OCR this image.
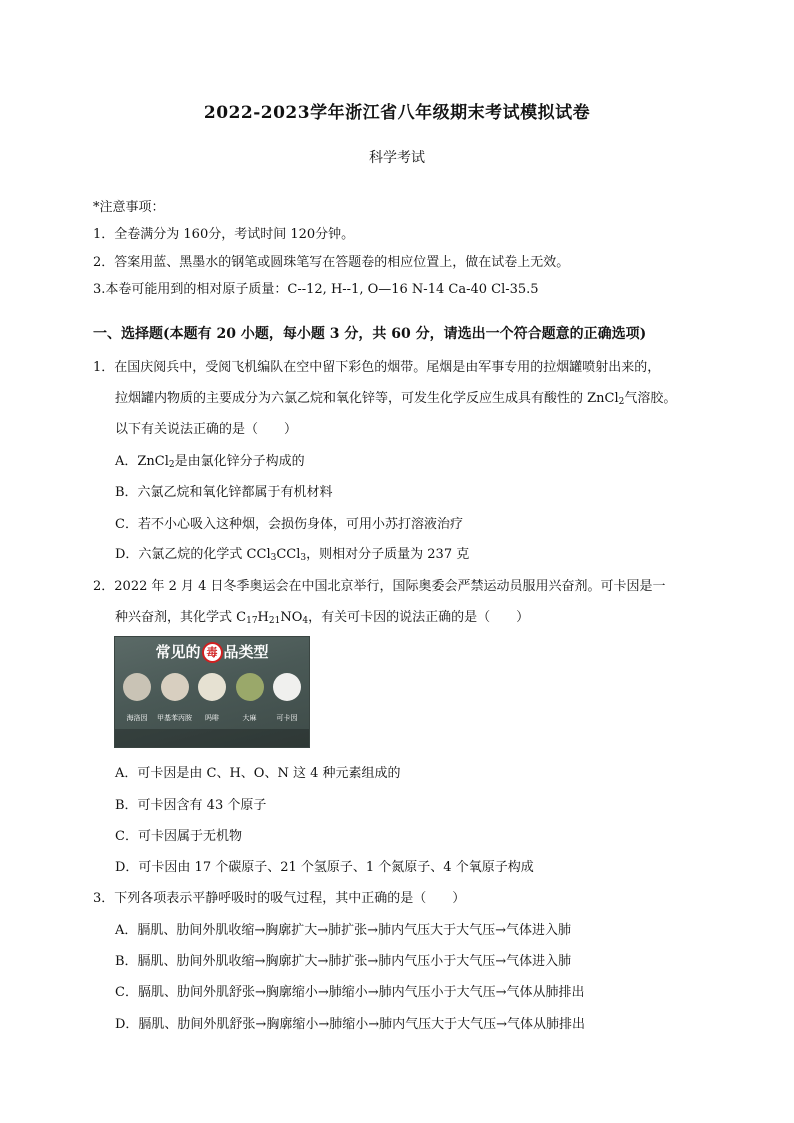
2022-2023学年浙江省八年级期末考试模拟试卷
科学考试
*注意事项：
1．全卷满分为 160分，考试时间 120分钟。
2．答案用蓝、黑墨水的钢笔或圆珠笔写在答题卷的相应位置上，做在试卷上无效。
3.本卷可能用到的相对原子质量：C--12, H--1, O—16 N-14 Ca-40 Cl-35.5
一、选择题(本题有 20 小题，每小题 3 分，共 60 分，请选出一个符合题意的正确选项)
1．在国庆阅兵中，受阅飞机编队在空中留下彩色的烟带。尾烟是由军事专用的拉烟罐喷射出来的，
拉烟罐内物质的主要成分为六氯乙烷和氧化锌等，可发生化学反应生成具有酸性的 ZnCl$_2$气溶胶。
以下有关说法正确的是（　　）
A．ZnCl$_2$是由氯化锌分子构成的
B．六氯乙烷和氧化锌都属于有机材料
C．若不小心吸入这种烟，会损伤身体，可用小苏打溶液治疗
D．六氯乙烷的化学式 CCl$_3$CCl$_3$，则相对分子质量为 237 克
2．2022 年 2 月 4 日冬季奥运会在中国北京举行，国际奥委会严禁运动员服用兴奋剂。可卡因是一
种兴奋剂，其化学式 $C_{17}H_{21}NO_4$，有关可卡因的说法正确的是（　　）
常见的 毒 品类型
海洛因 甲基苯丙胺 吗啡	大麻	可卡因
A．可卡因是由 C、H、O、N 这 4 种元素组成的
B．可卡因含有 43 个原子
C．可卡因属于无机物
D．可卡因由 17 个碳原子、21 个氢原子、1 个氮原子、4 个氧原子构成
3．下列各项表示平静呼吸时的吸气过程，其中正确的是（　　）
A．膈肌、肋间外肌收缩→胸廓扩大→肺扩张→肺内气压大于大气压→气体进入肺
B．膈肌、肋间外肌收缩→胸廓扩大→肺扩张→肺内气压小于大气压→气体进入肺
C．膈肌、肋间外肌舒张→胸廓缩小→肺缩小→肺内气压小于大气压→气体从肺排出
D．膈肌、肋间外肌舒张→胸廓缩小→肺缩小→肺内气压大于大气压→气体从肺排出
